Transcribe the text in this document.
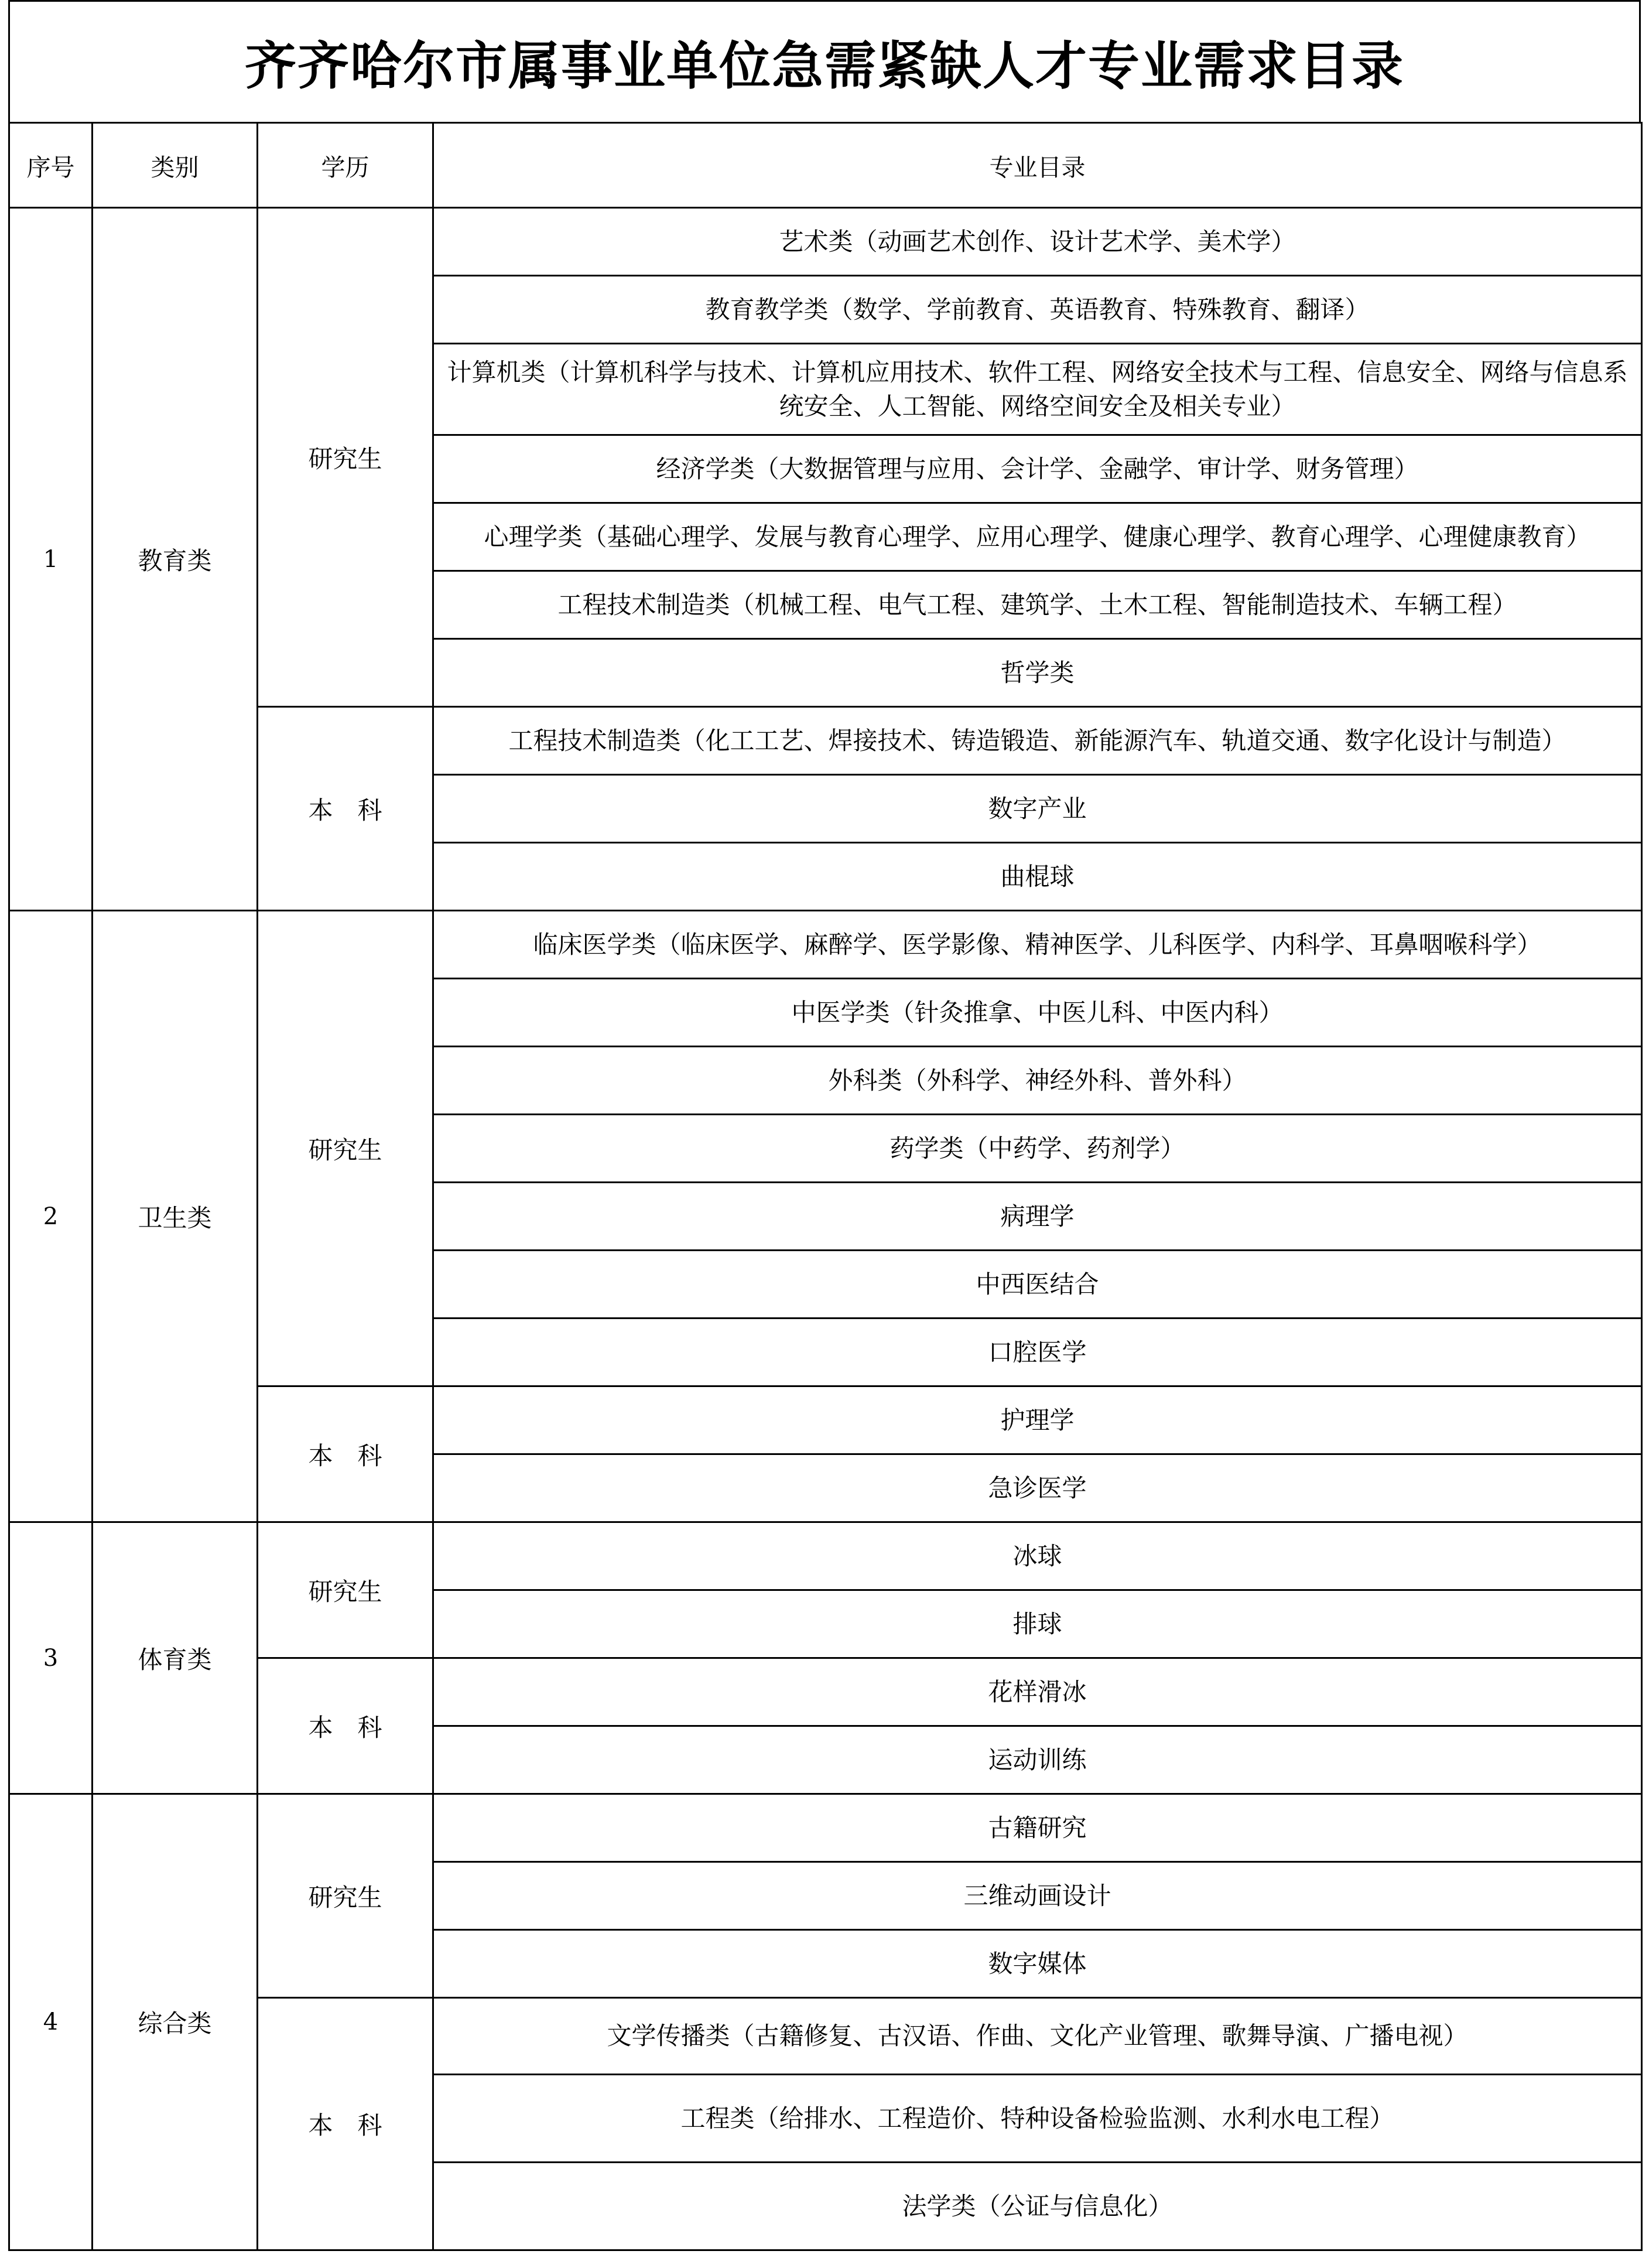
齐齐哈尔市属事业单位急需紧缺人才专业需求目录
序号	类别	学历	专业目录
1	教育类	研究生	艺术类（动画艺术创作、设计艺术学、美术学）
			教育教学类（数学、学前教育、英语教育、特殊教育、翻译）
			计算机类（计算机科学与技术、计算机应用技术、软件工程、网络安全技术与工程、信息安全、网络与信息系统安全、人工智能、网络空间安全及相关专业）
			经济学类（大数据管理与应用、会计学、金融学、审计学、财务管理）
			心理学类（基础心理学、发展与教育心理学、应用心理学、健康心理学、教育心理学、心理健康教育）
			工程技术制造类（机械工程、电气工程、建筑学、土木工程、智能制造技术、车辆工程）
			哲学类
		本　科	工程技术制造类（化工工艺、焊接技术、铸造锻造、新能源汽车、轨道交通、数字化设计与制造）
			数字产业
			曲棍球
2	卫生类	研究生	临床医学类（临床医学、麻醉学、医学影像、精神医学、儿科医学、内科学、耳鼻咽喉科学）
			中医学类（针灸推拿、中医儿科、中医内科）
			外科类（外科学、神经外科、普外科）
			药学类（中药学、药剂学）
			病理学
			中西医结合
			口腔医学
		本　科	护理学
			急诊医学
3	体育类	研究生	冰球
			排球
		本　科	花样滑冰
			运动训练
4	综合类	研究生	古籍研究
			三维动画设计
			数字媒体
		本　科	文学传播类（古籍修复、古汉语、作曲、文化产业管理、歌舞导演、广播电视）
			工程类（给排水、工程造价、特种设备检验监测、水利水电工程）
			法学类（公证与信息化）
